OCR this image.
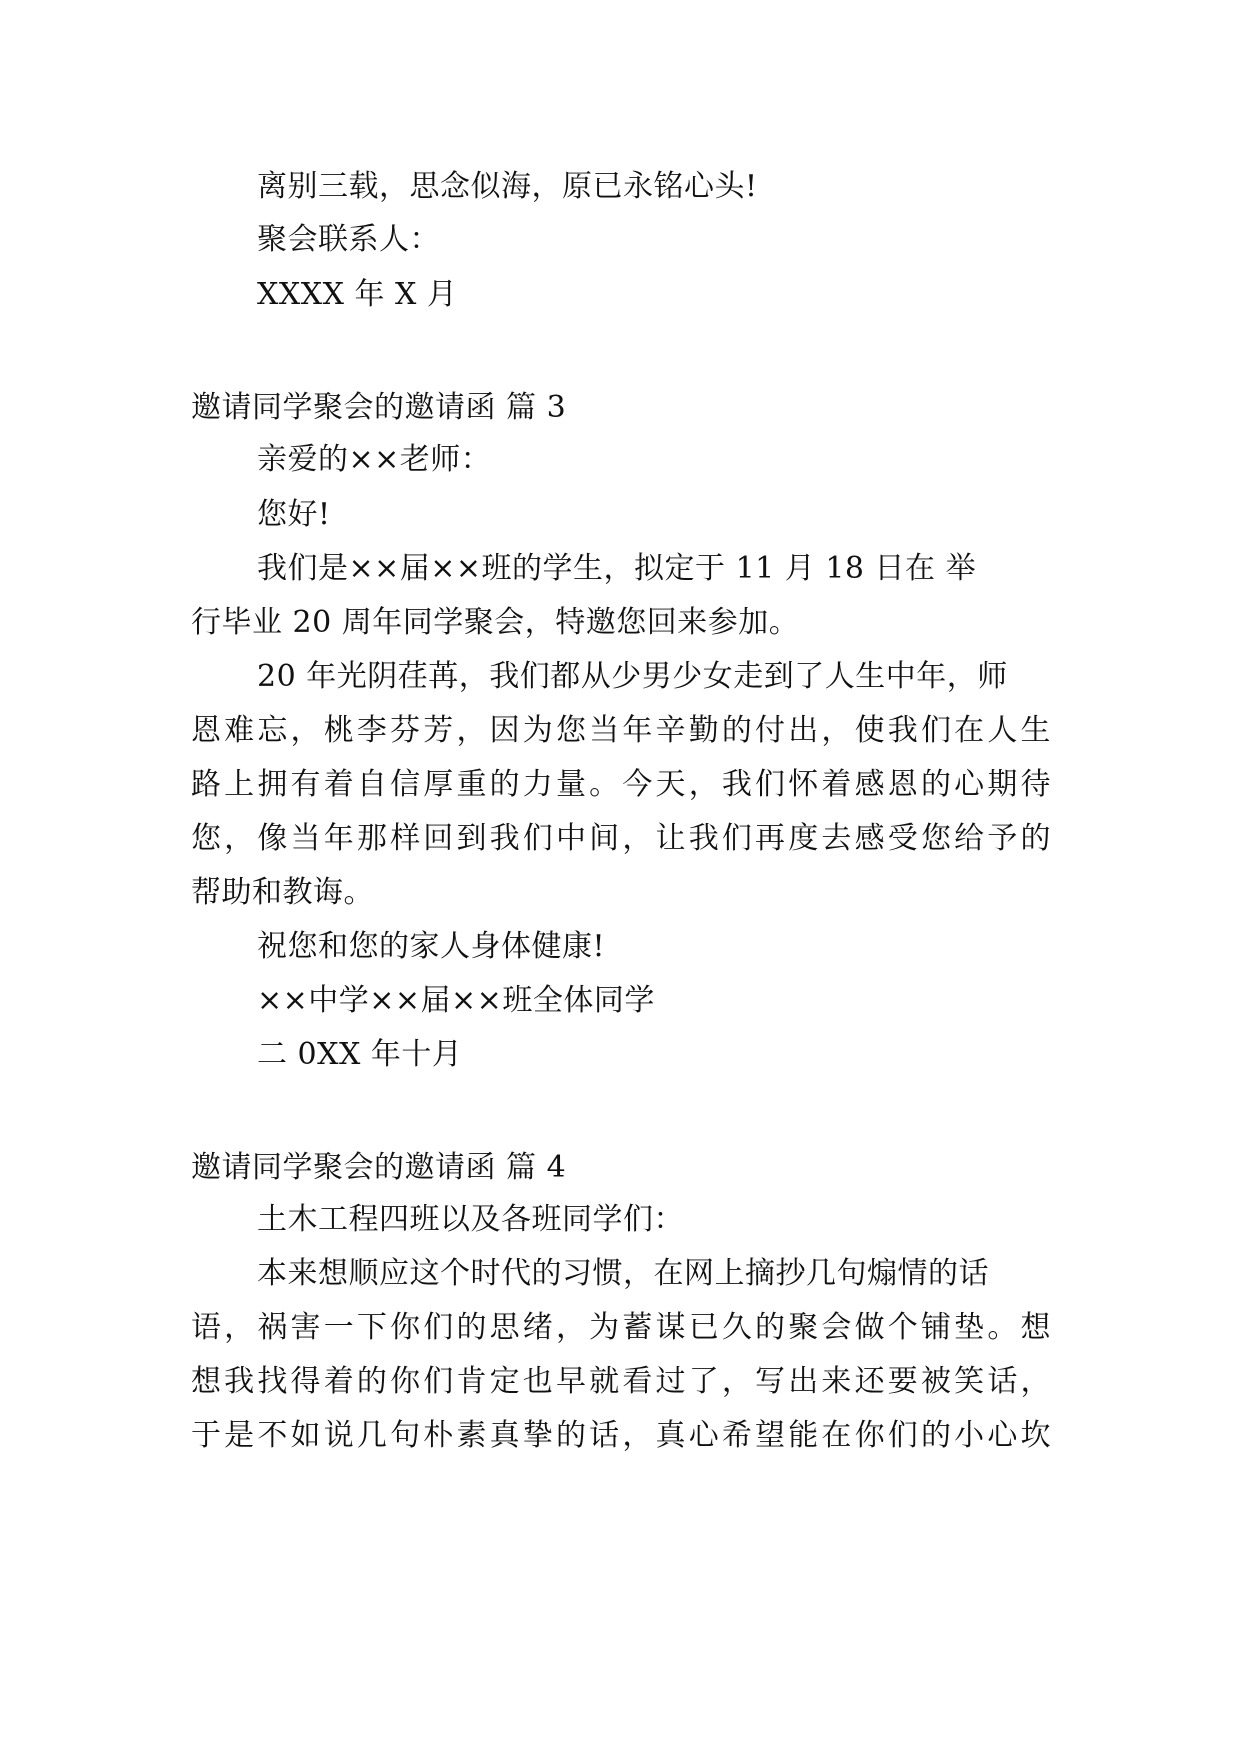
离别三载，思念似海，原已永铭心头!
聚会联系人：
XXXX 年 X 月
邀请同学聚会的邀请函 篇 3
亲爱的××老师：
您好!
我们是××届××班的学生，拟定于 11 月 18 日在 举
行毕业 20 周年同学聚会，特邀您回来参加。
20 年光阴荏苒，我们都从少男少女走到了人生中年，师
恩难忘，桃李芬芳，因为您当年辛勤的付出，使我们在人生
路上拥有着自信厚重的力量。今天，我们怀着感恩的心期待
您，像当年那样回到我们中间，让我们再度去感受您给予的
帮助和教诲。
祝您和您的家人身体健康!
××中学××届××班全体同学
二 0XX 年十月
邀请同学聚会的邀请函 篇 4
土木工程四班以及各班同学们：
本来想顺应这个时代的习惯，在网上摘抄几句煽情的话
语，祸害一下你们的思绪，为蓄谋已久的聚会做个铺垫。想
想我找得着的你们肯定也早就看过了，写出来还要被笑话，
于是不如说几句朴素真挚的话，真心希望能在你们的小心坎
